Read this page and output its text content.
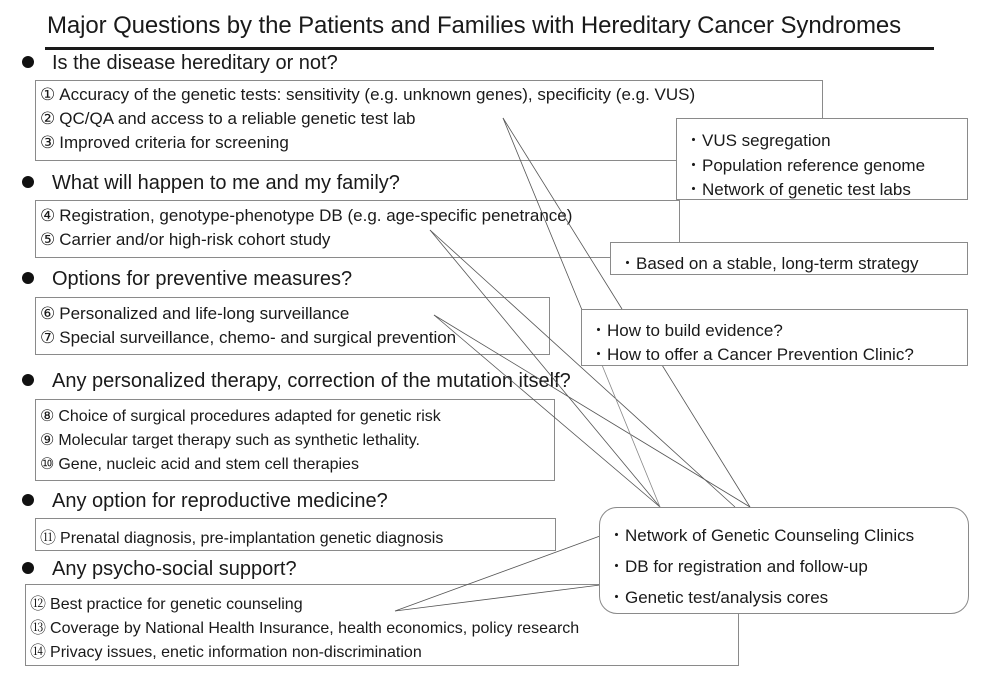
Major Questions by the Patients and Families with Hereditary Cancer Syndromes
Is the disease hereditary or not?
① Accuracy of the genetic tests: sensitivity (e.g. unknown genes), specificity (e.g. VUS)
② QC/QA and access to a reliable genetic test lab
③ Improved criteria for screening
What will happen to me and my family?
④ Registration, genotype-phenotype DB (e.g. age-specific penetrance)
⑤ Carrier and/or high-risk cohort study
Options for preventive measures?
⑥ Personalized and life-long surveillance
⑦ Special surveillance, chemo- and surgical prevention
Any personalized therapy, correction of the mutation itself?
⑧ Choice of surgical procedures adapted for genetic risk
⑨ Molecular target therapy such as synthetic lethality.
⑩ Gene, nucleic acid and stem cell therapies
Any option for reproductive medicine?
⑪ Prenatal diagnosis, pre-implantation genetic diagnosis
Any psycho-social support?
⑫ Best practice for genetic counseling
⑬ Coverage by National Health Insurance, health economics, policy research
⑭ Privacy issues, enetic information non-discrimination
・VUS segregation
・Population reference genome
・Network of genetic test labs
・Based on a stable, long-term strategy
・How to build evidence?
・How to offer a Cancer Prevention Clinic?
・Network of Genetic Counseling Clinics
・DB for registration and follow-up
・Genetic test/analysis cores
